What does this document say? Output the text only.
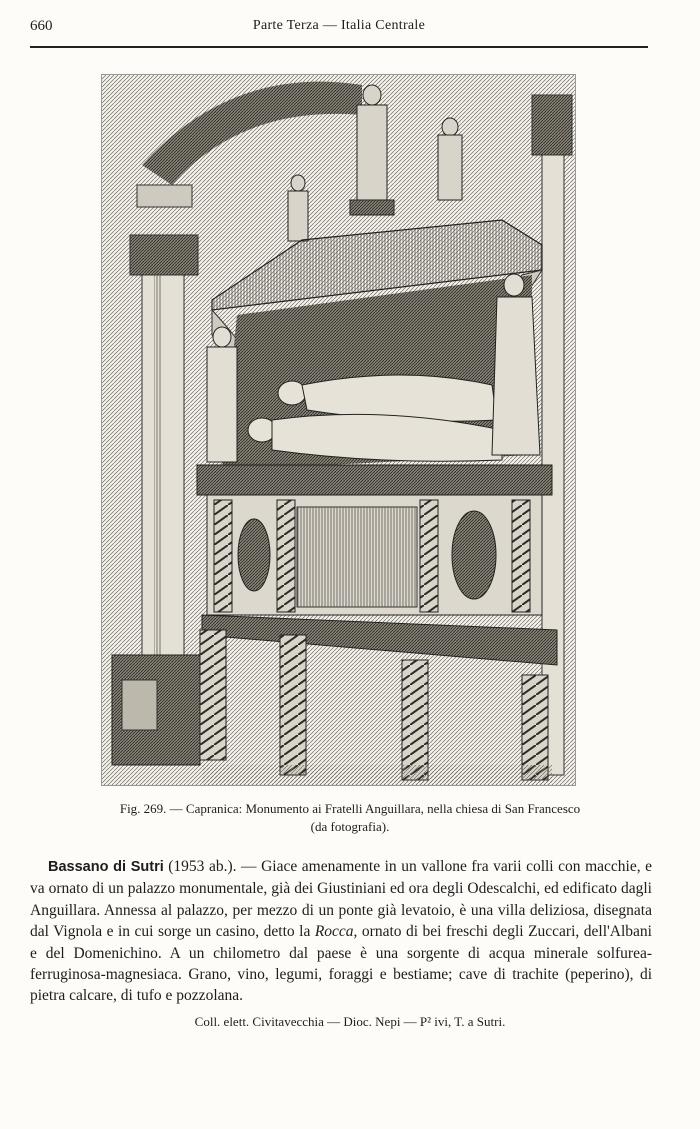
660	Parte Terza — Italia Centrale
Fig. 269. — Capranica: Monumento ai Fratelli Anguillara, nella chiesa di San Francesco
(da fotografia).
Bassano di Sutri (1953 ab.). — Giace amenamente in un vallone fra varii colli con macchie, e va ornato di un palazzo monumentale, già dei Giustiniani ed ora degli Odescalchi, ed edificato dagli Anguillara. Annessa al palazzo, per mezzo di un ponte già levatoio, è una villa deliziosa, disegnata dal Vignola e in cui sorge un casino, detto la Rocca, ornato di bei freschi degli Zuccari, dell'Albani e del Domenichino. A un chilometro dal paese è una sorgente di acqua minerale solfurea-ferruginosa-magnesiaca. Grano, vino, legumi, foraggi e bestiame; cave di trachite (peperino), di pietra calcare, di tufo e pozzolana.
Coll. elett. Civitavecchia — Dioc. Nepi — P² ivi, T. a Sutri.
